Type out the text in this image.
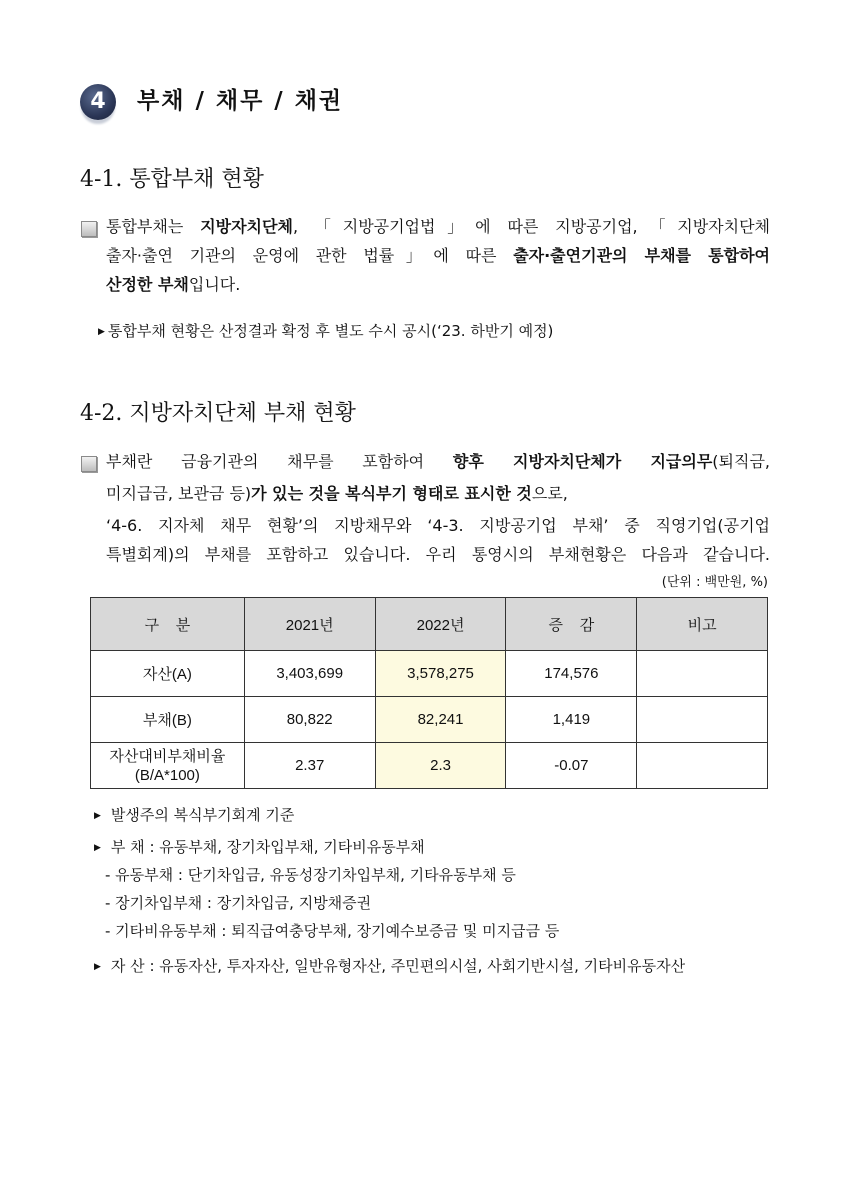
4	부채 / 채무 / 채권
4-1. 통합부채 현황
통합부채는 지방자치단체, 「지방공기업법」에 따른 지방공기업,「지방자치단체
출자·출연 기관의 운영에 관한 법률」에 따른 출자·출연기관의 부채를 통합하여
산정한 부채입니다.
▶ 통합부채 현황은 산정결과 확정 후 별도 수시 공시(‘23. 하반기 예정)
4-2. 지방자치단체 부채 현황
부채란 금융기관의 채무를 포함하여 향후 지방자치단체가 지급의무(퇴직금,
미지급금, 보관금 등)가 있는 것을 복식부기 형태로 표시한 것으로,
‘4-6. 지자체 채무 현황’의 지방채무와 ‘4-3. 지방공기업 부채’ 중 직영기업(공기업
특별회계)의 부채를 포함하고 있습니다. 우리 통영시의 부채현황은 다음과 같습니다.
(단위 : 백만원, %)
구    분	2021년	2022년	증    감	비고
자산(A)	3,403,699	3,578,275	174,576	
부채(B)	80,822	82,241	1,419	
자산대비부채비율
(B/A*100)	2.37	2.3	-0.07	
▶ 발생주의 복식부기회계 기준
▶ 부 채 : 유동부채, 장기차입부채, 기타비유동부채
- 유동부채 : 단기차입금, 유동성장기차입부채, 기타유동부채 등
- 장기차입부채 : 장기차입금, 지방채증권
- 기타비유동부채 : 퇴직급여충당부채, 장기예수보증금 및 미지급금 등
▶ 자 산 : 유동자산, 투자자산, 일반유형자산, 주민편의시설, 사회기반시설, 기타비유동자산
